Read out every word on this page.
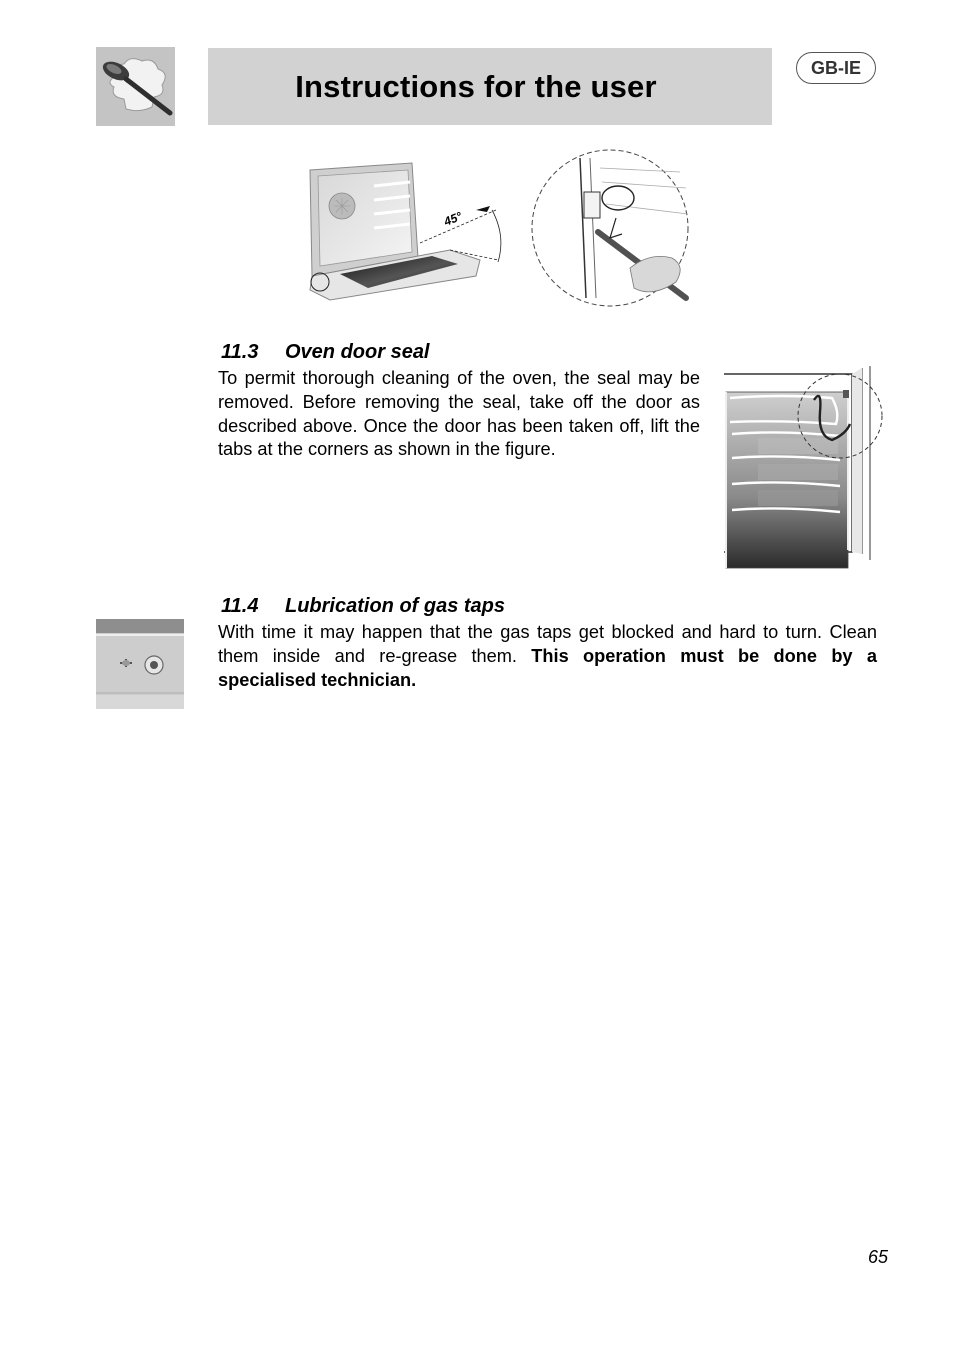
Instructions for the user
GB-IE
45°
11.3 Oven door seal

To permit thorough cleaning of the oven, the seal may be removed. Before removing the seal, take off the door as described above. Once the door has been taken off, lift the tabs at the corners as shown in the figure.

11.4 Lubrication of gas taps

With time it may happen that the gas taps get blocked and hard to turn. Clean them inside and re-grease them. This operation must be done by a specialised technician.

65
